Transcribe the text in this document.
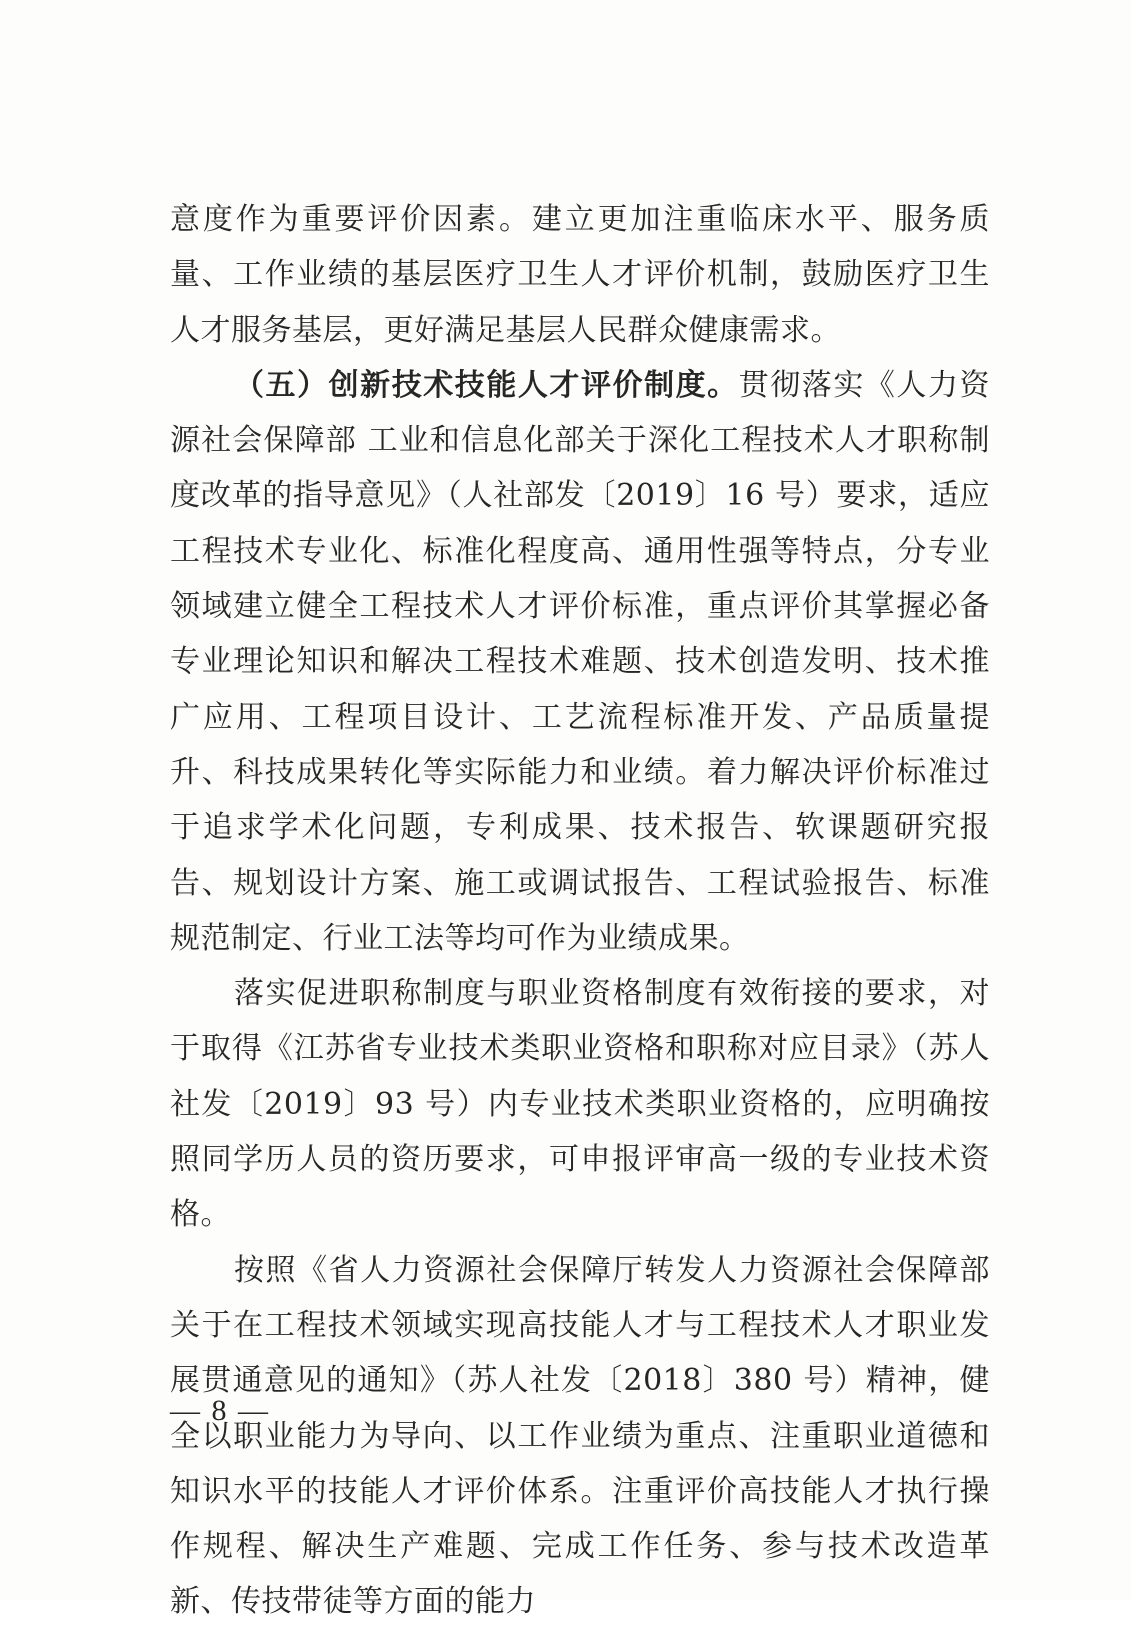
意度作为重要评价因素。建立更加注重临床水平、服务质量、工作业绩的基层医疗卫生人才评价机制，鼓励医疗卫生人才服务基层，更好满足基层人民群众健康需求。

（五）创新技术技能人才评价制度。贯彻落实《人力资源社会保障部 工业和信息化部关于深化工程技术人才职称制度改革的指导意见》（人社部发〔2019〕16 号）要求，适应工程技术专业化、标准化程度高、通用性强等特点，分专业领域建立健全工程技术人才评价标准，重点评价其掌握必备专业理论知识和解决工程技术难题、技术创造发明、技术推广应用、工程项目设计、工艺流程标准开发、产品质量提升、科技成果转化等实际能力和业绩。着力解决评价标准过于追求学术化问题，专利成果、技术报告、软课题研究报告、规划设计方案、施工或调试报告、工程试验报告、标准规范制定、行业工法等均可作为业绩成果。

落实促进职称制度与职业资格制度有效衔接的要求，对于取得《江苏省专业技术类职业资格和职称对应目录》（苏人社发〔2019〕93 号）内专业技术类职业资格的，应明确按照同学历人员的资历要求，可申报评审高一级的专业技术资格。

按照《省人力资源社会保障厅转发人力资源社会保障部关于在工程技术领域实现高技能人才与工程技术人才职业发展贯通意见的通知》（苏人社发〔2018〕380 号）精神，健全以职业能力为导向、以工作业绩为重点、注重职业道德和知识水平的技能人才评价体系。注重评价高技能人才执行操作规程、解决生产难题、完成工作任务、参与技术改造革新、传技带徒等方面的能力

— 8 —
